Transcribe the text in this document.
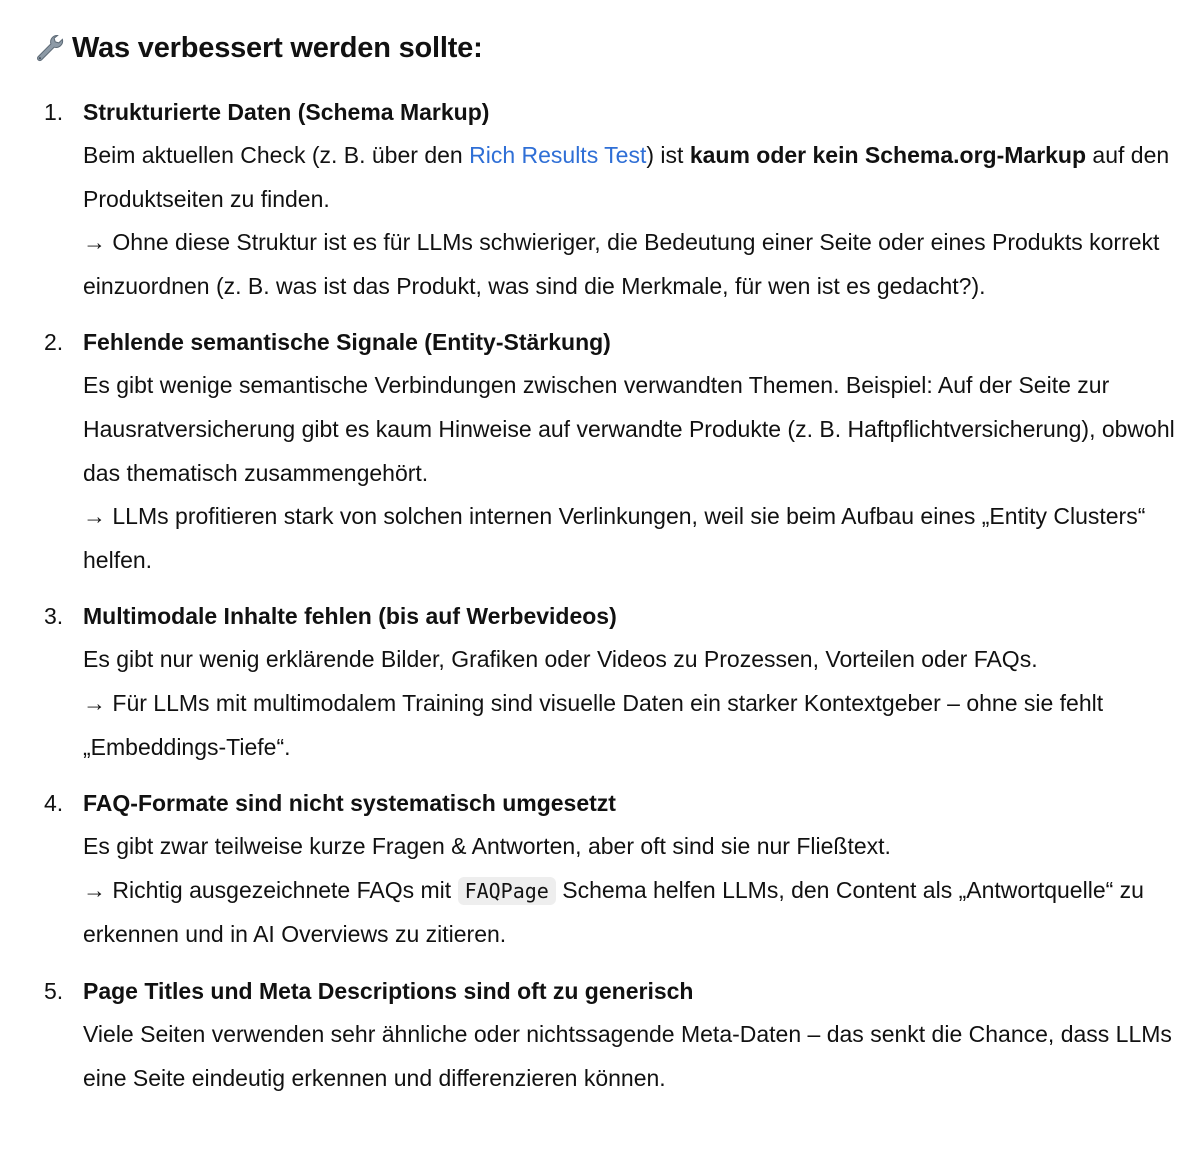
Was verbessert werden sollte:
1. Strukturierte Daten (Schema Markup)

Beim aktuellen Check (z. B. über den Rich Results Test) ist kaum oder kein Schema.org-Markup auf den Produktseiten zu finden.

→ Ohne diese Struktur ist es für LLMs schwieriger, die Bedeutung einer Seite oder eines Produkts korrekt einzuordnen (z. B. was ist das Produkt, was sind die Merkmale, für wen ist es gedacht?).

2. Fehlende semantische Signale (Entity-Stärkung)

Es gibt wenige semantische Verbindungen zwischen verwandten Themen. Beispiel: Auf der Seite zur Hausratversicherung gibt es kaum Hinweise auf verwandte Produkte (z. B. Haftpflichtversicherung), obwohl das thematisch zusammengehört.

→ LLMs profitieren stark von solchen internen Verlinkungen, weil sie beim Aufbau eines „Entity Clusters“ helfen.

3. Multimodale Inhalte fehlen (bis auf Werbevideos)

Es gibt nur wenig erklärende Bilder, Grafiken oder Videos zu Prozessen, Vorteilen oder FAQs.

→ Für LLMs mit multimodalem Training sind visuelle Daten ein starker Kontextgeber – ohne sie fehlt „Embeddings-Tiefe“.

4. FAQ-Formate sind nicht systematisch umgesetzt

Es gibt zwar teilweise kurze Fragen & Antworten, aber oft sind sie nur Fließtext.

→ Richtig ausgezeichnete FAQs mit FAQPage Schema helfen LLMs, den Content als „Antwortquelle“ zu erkennen und in AI Overviews zu zitieren.

5. Page Titles und Meta Descriptions sind oft zu generisch

Viele Seiten verwenden sehr ähnliche oder nichtssagende Meta-Daten – das senkt die Chance, dass LLMs eine Seite eindeutig erkennen und differenzieren können.
